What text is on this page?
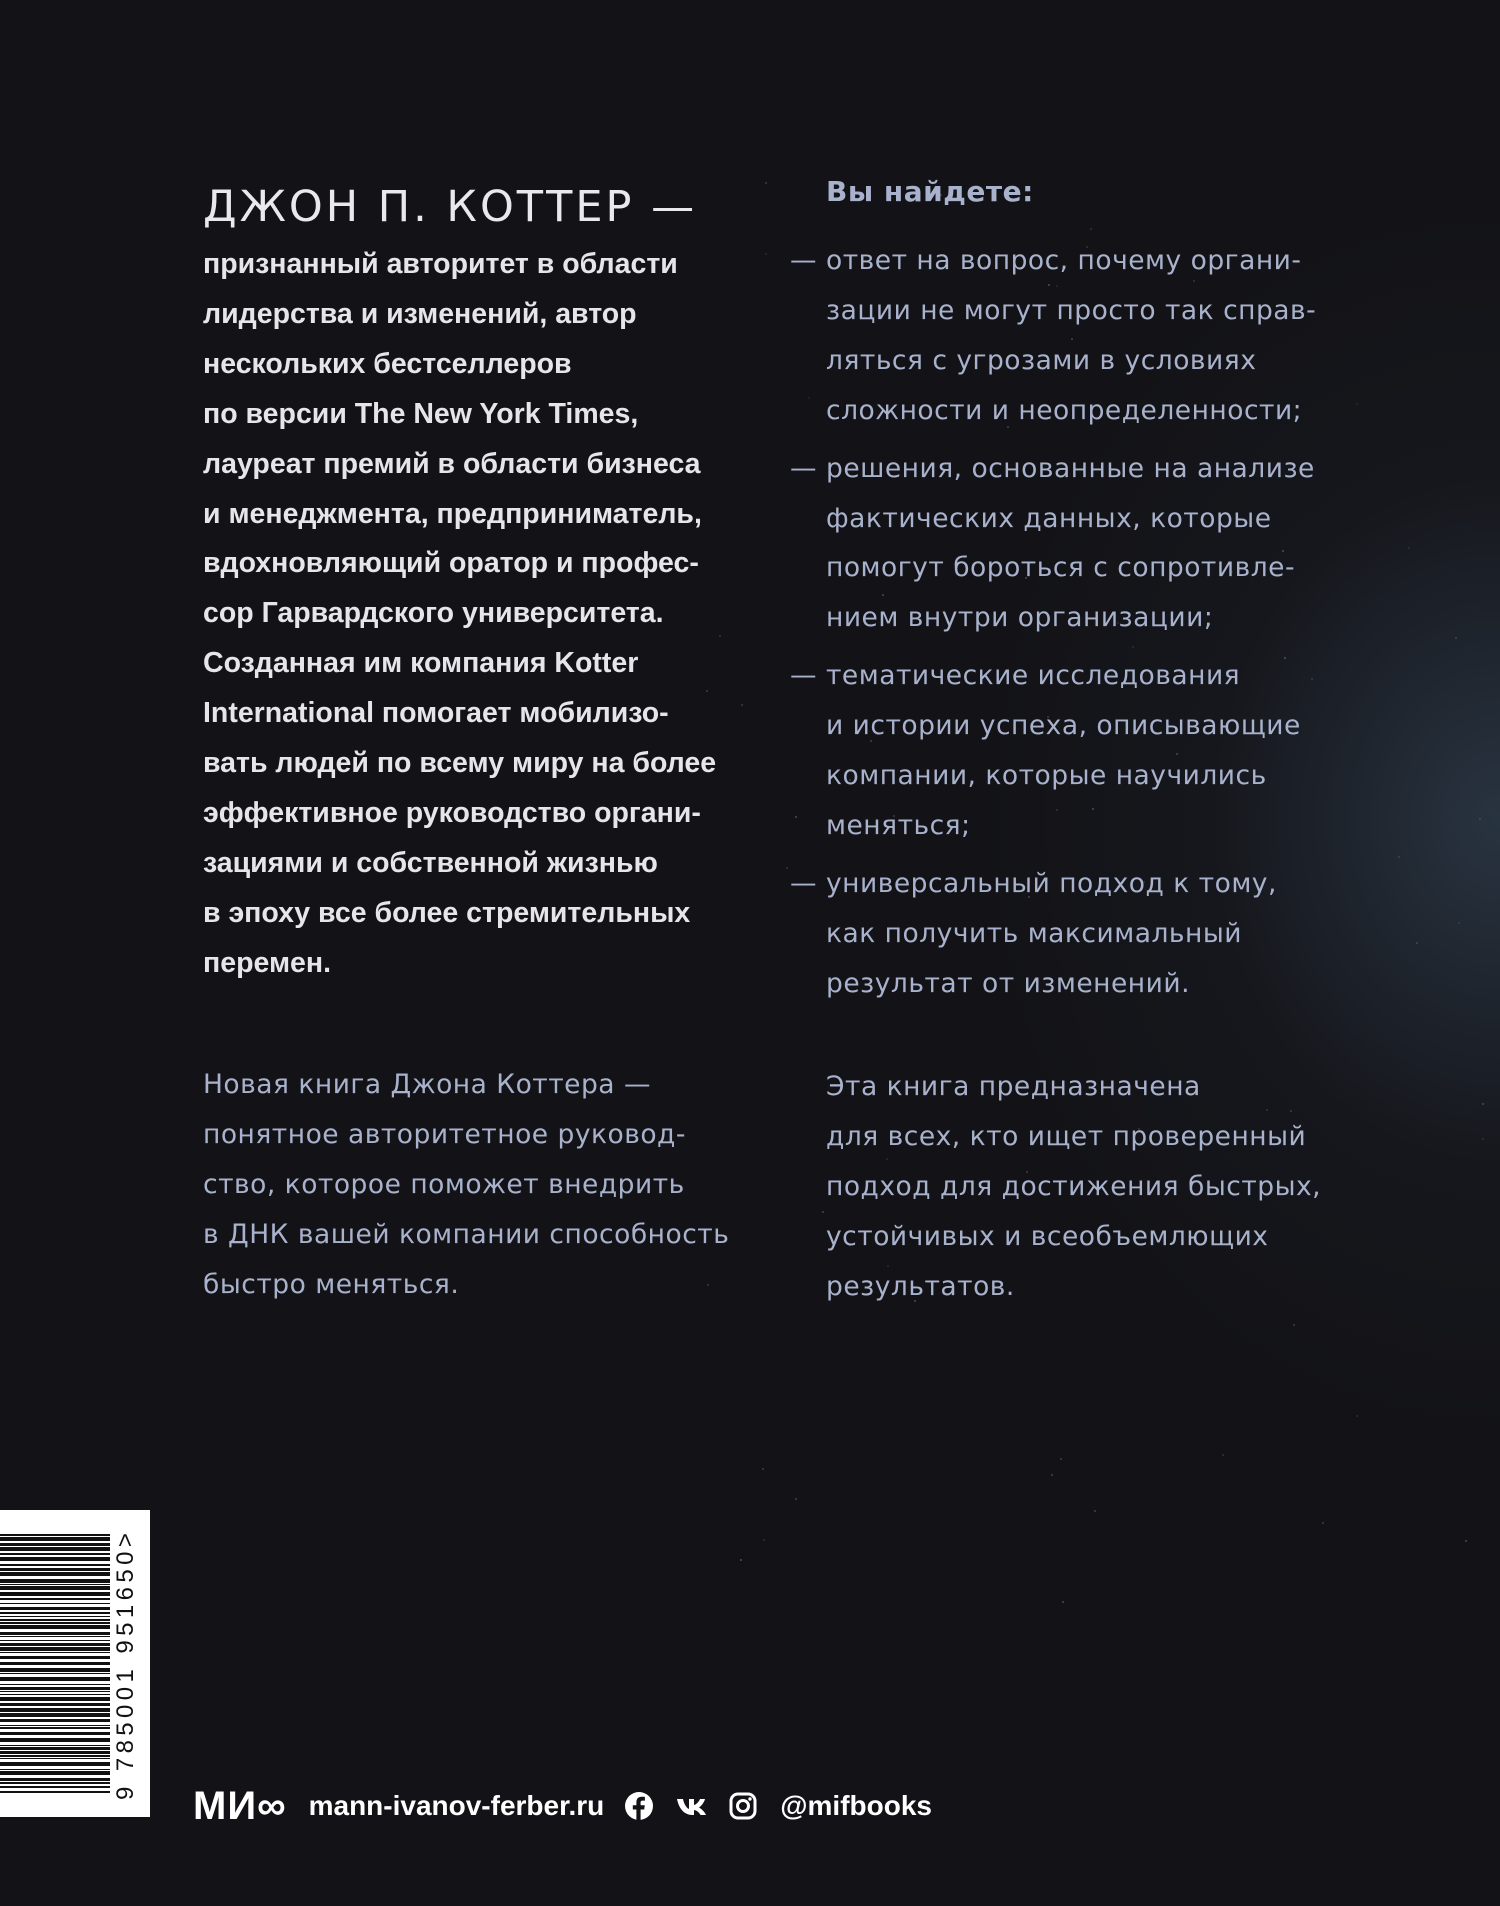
ДЖОН П. КОТТЕР —
признанный авторитет в области
лидерства и изменений, автор
нескольких бестселлеров
по версии The New York Times,
лауреат премий в области бизнеса
и менеджмента, предприниматель,
вдохновляющий оратор и профес-
сор Гарвардского университета.
Созданная им компания Kotter
International помогает мобилизо-
вать людей по всему миру на более
эффективное руководство органи-
зациями и собственной жизнью
в эпоху все более стремительных
перемен.
Новая книга Джона Коттера —
понятное авторитетное руковод-
ство, которое поможет внедрить
в ДНК вашей компании способность
быстро меняться.
Вы найдете:
— ответ на вопрос, почему органи-
зации не могут просто так справ-
ляться с угрозами в условиях
сложности и неопределенности;
— решения, основанные на анализе
фактических данных, которые
помогут бороться с сопротивле-
нием внутри организации;
— тематические исследования
и истории успеха, описывающие
компании, которые научились
меняться;
— универсальный подход к тому,
как получить максимальный
результат от изменений.
Эта книга предназначена
для всех, кто ищет проверенный
подход для достижения быстрых,
устойчивых и всеобъемлющих
результатов.
9 785001 951650>
МИ∞ mann-ivanov-ferber.ru	@mifbooks
